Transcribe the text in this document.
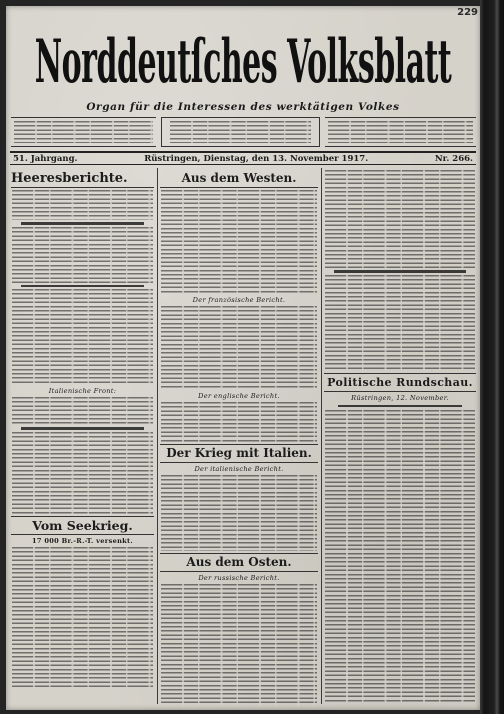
229
Norddeutſches Volksblatt
Organ für die Interessen des werktätigen Volkes
51. Jahrgang.	Rüstringen, Dienstag, den 13. November 1917.	Nr. 266.
Heeresberichte.
Italienische Front:
Vom Seekrieg.
17 000 Br.-R.-T. versenkt.
Aus dem Westen.
Der französische Bericht.
Der englische Bericht.
Der Krieg mit Italien.
Der italienische Bericht.
Aus dem Osten.
Der russische Bericht.
Politische Rundschau.
Rüstringen, 12. November.
